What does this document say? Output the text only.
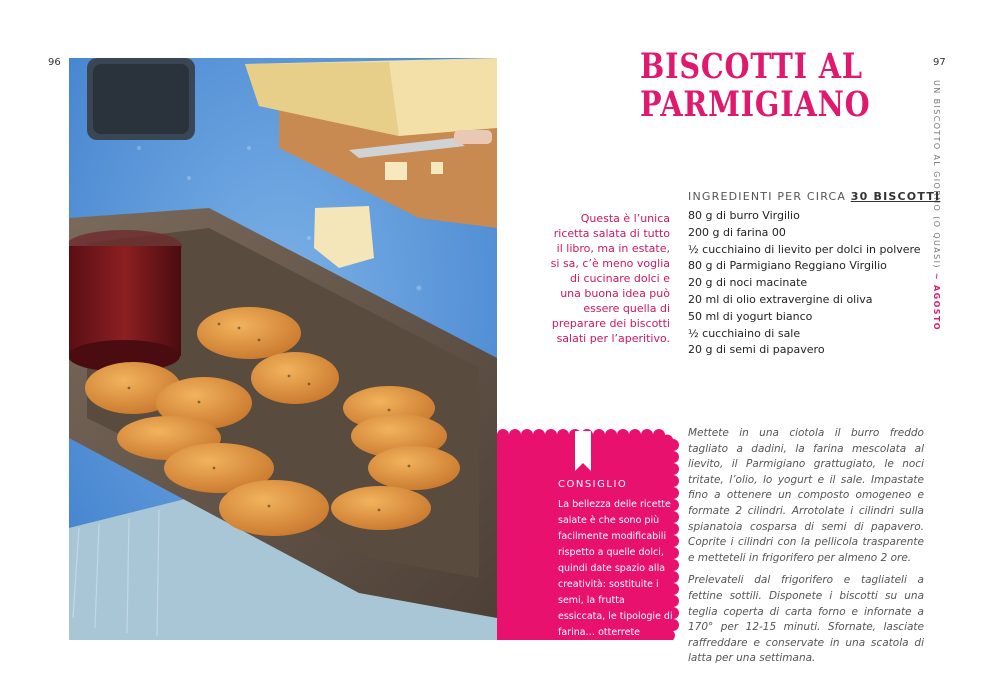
96	97
BISCOTTI AL
PARMIGIANO	UN BISCOTTO AL GIORNO (O QUASI)~AGOSTO
Questa è l’unica ricetta salata di tutto il libro, ma in estate, si sa, c’è meno voglia di cucinare dolci e una buona idea può essere quella di preparare dei biscotti salati per l’aperitivo.
INGREDIENTI PER CIRCA 30 BISCOTTI
80 g di burro Virgilio
200 g di farina 00
½ cucchiaino di lievito per dolci in polvere
80 g di Parmigiano Reggiano Virgilio
20 g di noci macinate
20 ml di olio extravergine di oliva
50 ml di yogurt bianco
½ cucchiaino di sale
20 g di semi di papavero
CONSIGLIO
La bellezza delle ricette salate è che sono più facilmente modificabili rispetto a quelle dolci, quindi date spazio alla creatività: sostituite i semi, la frutta essiccata, le tipologie di farina… otterrete sempre un successo.

Mettete in una ciotola il burro freddo tagliato a dadini, la farina mescolata al lievito, il Parmigiano grattugiato, le noci tritate, l’olio, lo yogurt e il sale. Impastate fino a ottenere un composto omogeneo e formate 2 cilindri. Arrotolate i cilindri sulla spianatoia cosparsa di semi di papavero. Coprite i cilindri con la pellicola trasparente e metteteli in frigorifero per almeno 2 ore.

Prelevateli dal frigorifero e tagliateli a fettine sottili. Disponete i biscotti su una teglia coperta di carta forno e infornate a 170° per 12-15 minuti. Sfornate, lasciate raffreddare e conservate in una scatola di latta per una settimana.
